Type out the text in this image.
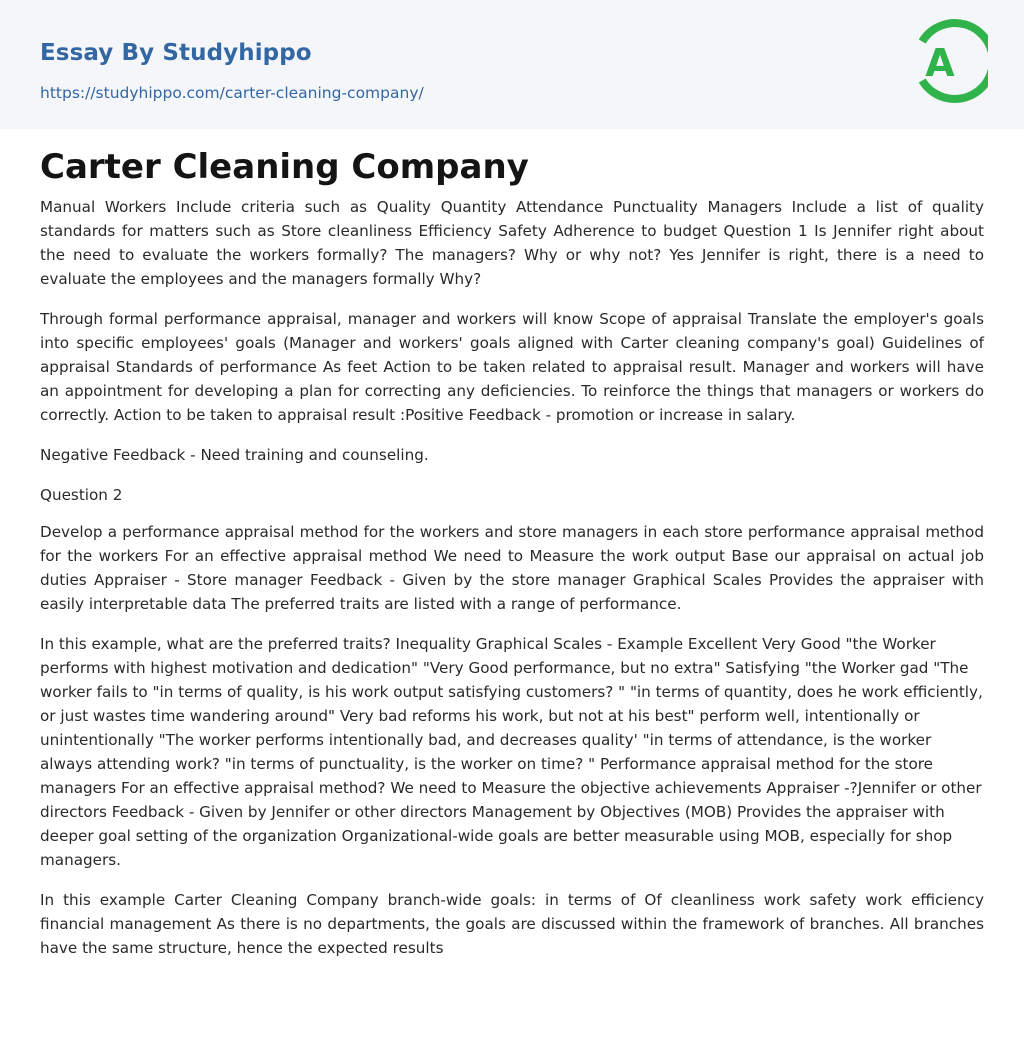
Essay By Studyhippo
https://studyhippo.com/carter-cleaning-company/
A
Carter Cleaning Company

Manual Workers Include criteria such as Quality Quantity Attendance Punctuality Managers Include a list of quality standards for matters such as Store cleanliness Efficiency Safety Adherence to budget Question 1 Is Jennifer right about the need to evaluate the workers formally? The managers? Why or why not? Yes Jennifer is right, there is a need to evaluate the employees and the managers formally Why?

Through formal performance appraisal, manager and workers will know Scope of appraisal Translate the employer's goals into specific employees' goals (Manager and workers' goals aligned with Carter cleaning company's goal) Guidelines of appraisal Standards of performance As feet Action to be taken related to appraisal result. Manager and workers will have an appointment for developing a plan for correcting any deficiencies. To reinforce the things that managers or workers do correctly. Action to be taken to appraisal result :Positive Feedback - promotion or increase in salary.

Negative Feedback - Need training and counseling.

Question 2

Develop a performance appraisal method for the workers and store managers in each store performance appraisal method for the workers For an effective appraisal method We need to Measure the work output Base our appraisal on actual job duties Appraiser - Store manager Feedback - Given by the store manager Graphical Scales Provides the appraiser with easily interpretable data The preferred traits are listed with a range of performance.

In this example, what are the preferred traits? Inequality Graphical Scales - Example Excellent Very Good "the Worker performs with highest motivation and dedication" "Very Good performance, but no extra" Satisfying "the Worker gad "The worker fails to "in terms of quality, is his work output satisfying customers? " "in terms of quantity, does he work efficiently, or just wastes time wandering around" Very bad reforms his work, but not at his best" perform well, intentionally or unintentionally "The worker performs intentionally bad, and decreases quality' "in terms of attendance, is the worker always attending work? "in terms of punctuality, is the worker on time? " Performance appraisal method for the store managers For an effective appraisal method? We need to Measure the objective achievements Appraiser -?Jennifer or other directors Feedback - Given by Jennifer or other directors Management by Objectives (MOB) Provides the appraiser with deeper goal setting of the organization Organizational-wide goals are better measurable using MOB, especially for shop managers.

In this example Carter Cleaning Company branch-wide goals: in terms of Of cleanliness work safety work efficiency financial management As there is no departments, the goals are discussed within the framework of branches. All branches have the same structure, hence the expected results
